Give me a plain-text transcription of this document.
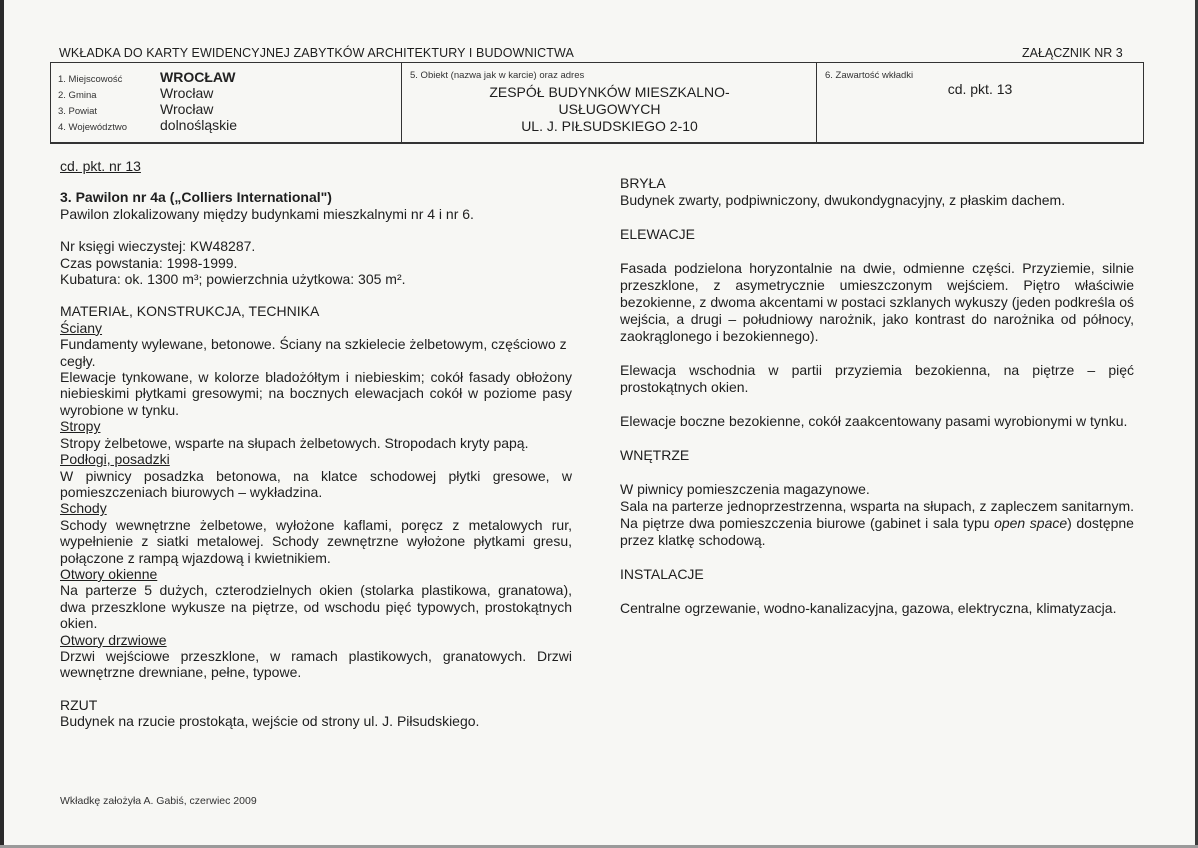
WKŁADKA DO KARTY EWIDENCYJNEJ ZABYTKÓW ARCHITEKTURY I BUDOWNICTWA	ZAŁĄCZNIK NR 3
1. Miejscowość	WROCŁAW
2. Gmina	Wrocław
3. Powiat	Wrocław
4. Województwo dolnośląskie
5. Obiekt (nazwa jak w karcie) oraz adres
ZESPÓŁ BUDYNKÓW MIESZKALNO-
USŁUGOWYCH
UL. J. PIŁSUDSKIEGO 2-10
6. Zawartość wkładki
cd. pkt. 13

cd. pkt. nr 13

3. Pawilon nr 4a („Colliers International")

Pawilon zlokalizowany między budynkami mieszkalnymi nr 4 i nr 6.

Nr księgi wieczystej: KW48287.

Czas powstania: 1998-1999.

Kubatura: ok. 1300 m³; powierzchnia użytkowa: 305 m².

MATERIAŁ, KONSTRUKCJA, TECHNIKA

Ściany

Fundamenty wylewane, betonowe. Ściany na szkielecie żelbetowym, częściowo z cegły.

Elewacje tynkowane, w kolorze bladożółtym i niebieskim; cokół fasady obłożony niebieskimi płytkami gresowymi; na bocznych elewacjach cokół w poziome pasy wyrobione w tynku.

Stropy

Stropy żelbetowe, wsparte na słupach żelbetowych. Stropodach kryty papą.

Podłogi, posadzki

W piwnicy posadzka betonowa, na klatce schodowej płytki gresowe, w pomieszczeniach biurowych – wykładzina.

Schody

Schody wewnętrzne żelbetowe, wyłożone kaflami, poręcz z metalowych rur, wypełnienie z siatki metalowej. Schody zewnętrzne wyłożone płytkami gresu, połączone z rampą wjazdową i kwietnikiem.

Otwory okienne

Na parterze 5 dużych, czterodzielnych okien (stolarka plastikowa, granatowa), dwa przeszklone wykusze na piętrze, od wschodu pięć typowych, prostokątnych okien.

Otwory drzwiowe

Drzwi wejściowe przeszklone, w ramach plastikowych, granatowych. Drzwi wewnętrzne drewniane, pełne, typowe.

RZUT

Budynek na rzucie prostokąta, wejście od strony ul. J. Piłsudskiego.

BRYŁA

Budynek zwarty, podpiwniczony, dwukondygnacyjny, z płaskim dachem.

ELEWACJE

Fasada podzielona horyzontalnie na dwie, odmienne części. Przyziemie, silnie przeszklone, z asymetrycznie umieszczonym wejściem. Piętro właściwie bezokienne, z dwoma akcentami w postaci szklanych wykuszy (jeden podkreśla oś wejścia, a drugi – południowy narożnik, jako kontrast do narożnika od północy, zaokrąglonego i bezokiennego).

Elewacja wschodnia w partii przyziemia bezokienna, na piętrze – pięć prostokątnych okien.

Elewacje boczne bezokienne, cokół zaakcentowany pasami wyrobionymi w tynku.

WNĘTRZE

W piwnicy pomieszczenia magazynowe.

Sala na parterze jednoprzestrzenna, wsparta na słupach, z zapleczem sanitarnym. Na piętrze dwa pomieszczenia biurowe (gabinet i sala typu open space) dostępne przez klatkę schodową.

INSTALACJE

Centralne ogrzewanie, wodno-kanalizacyjna, gazowa, elektryczna, klimatyzacja.

Wkładkę założyła A. Gabiś, czerwiec 2009
